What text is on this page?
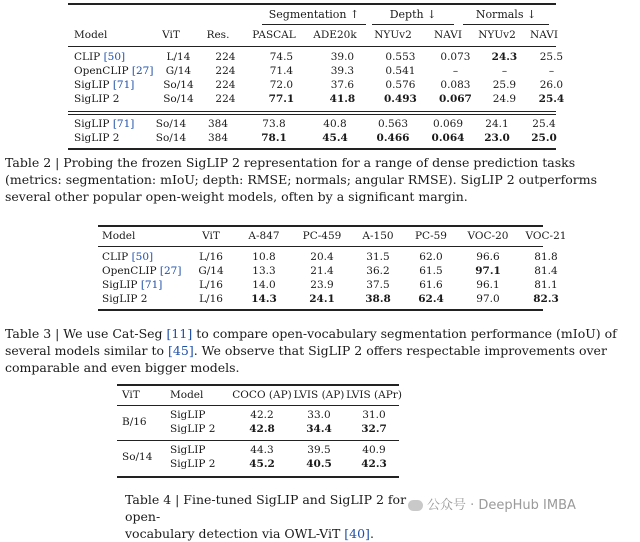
Segmentation ↑	Depth ↓	Normals ↓
Model	ViT	Res.	PASCAL	ADE20k	NYUv2	NAVI	NYUv2	NAVI
CLIP [50]	L/14	224	74.5	39.0	0.553	0.073	24.3	25.5
OpenCLIP [27]	G/14	224	71.4	39.3	0.541	–	–	–
SigLIP [71]	So/14	224	72.0	37.6	0.576	0.083	25.9	26.0
SigLIP 2	So/14	224	77.1	41.8	0.493	0.067	24.9	25.4
SigLIP [71]	So/14	384	73.8	40.8	0.563	0.069	24.1	25.4
SigLIP 2	So/14	384	78.1	45.4	0.466	0.064	23.0	25.0
Table 2 | Probing the frozen SigLIP 2 representation for a range of dense prediction tasks (metrics: segmentation: mIoU; depth: RMSE; normals; angular RMSE). SigLIP 2 outperforms several other popular open-weight models, often by a significant margin.
Model	ViT	A-847	PC-459	A-150	PC-59	VOC-20	VOC-21
CLIP [50]	L/16	10.8	20.4	31.5	62.0	96.6	81.8
OpenCLIP [27]	G/14	13.3	21.4	36.2	61.5	97.1	81.4
SigLIP [71]	L/16	14.0	23.9	37.5	61.6	96.1	81.1
SigLIP 2	L/16	14.3	24.1	38.8	62.4	97.0	82.3
Table 3 | We use Cat-Seg [11] to compare open-vocabulary segmentation performance (mIoU) of several models similar to [45]. We observe that SigLIP 2 offers respectable improvements over comparable and even bigger models.
ViT	Model	COCO (AP)	LVIS (AP)	LVIS (APr)
B/16	SigLIP	42.2	33.0	31.0
	SigLIP 2	42.8	34.4	32.7
So/14	SigLIP	44.3	39.5	40.9
	SigLIP 2	45.2	40.5	42.3
Table 4 | Fine-tuned SigLIP and SigLIP 2 for open-
vocabulary detection via OWL-ViT [40].
公众号 · DeepHub IMBA
